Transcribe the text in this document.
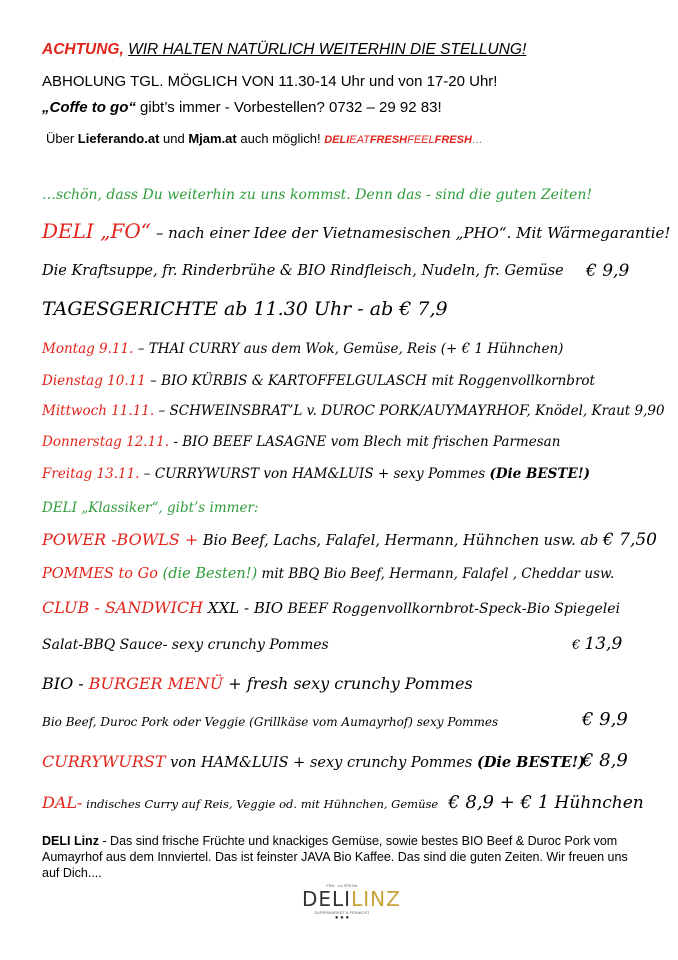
ACHTUNG, WIR HALTEN NATÜRLICH WEITERHIN DIE STELLUNG!
ABHOLUNG TGL. MÖGLICH VON 11.30-14 Uhr und von 17-20 Uhr!
„Coffe to go“ gibt’s immer - Vorbestellen? 0732 – 29 92 83!
Über Lieferando.at und Mjam.at auch möglich! DELIEATFRESHFEELFRESH…
…schön, dass Du weiterhin zu uns kommst. Denn das - sind die guten Zeiten!
DELI „FO“ – nach einer Idee der Vietnamesischen „PHO“. Mit Wärmegarantie!
Die Kraftsuppe, fr. Rinderbrühe & BIO Rindfleisch, Nudeln, fr. Gemüse € 9,9
TAGESGERICHTE ab 11.30 Uhr - ab € 7,9
Montag 9.11. – THAI CURRY aus dem Wok, Gemüse, Reis (+ € 1 Hühnchen)
Dienstag 10.11 – BIO KÜRBIS & KARTOFFELGULASCH mit Roggenvollkornbrot
Mittwoch 11.11. – SCHWEINSBRAT’L v. DUROC PORK/AUYMAYRHOF, Knödel, Kraut 9,90
Donnerstag 12.11. - BIO BEEF LASAGNE vom Blech mit frischen Parmesan
Freitag 13.11. – CURRYWURST von HAM&LUIS + sexy Pommes (Die BESTE!)
DELI „Klassiker“, gibt’s immer:
POWER -BOWLS + Bio Beef, Lachs, Falafel, Hermann, Hühnchen usw. ab € 7,50
POMMES to Go (die Besten!) mit BBQ Bio Beef, Hermann, Falafel , Cheddar usw.
CLUB - SANDWICH XXL - BIO BEEF Roggenvollkornbrot-Speck-Bio Spiegelei
Salat-BBQ Sauce- sexy crunchy Pommes	€ 13,9
BIO - BURGER MENÜ + fresh sexy crunchy Pommes
Bio Beef, Duroc Pork oder Veggie (Grillkäse vom Aumayrhof) sexy Pommes	€ 9,9
CURRYWURST von HAM&LUIS + sexy crunchy Pommes (Die BESTE!)
€ 8,9
DAL- indisches Curry auf Reis, Veggie od. mit Hühnchen, Gemüse € 8,9 + € 1 Hühnchen
DELI Linz - Das sind frische Früchte und knackiges Gemüse, sowie bestes BIO Beef & Duroc Pork vom Aumayrhof aus dem Innviertel. Das ist feinster JAVA Bio Kaffee. Das sind die guten Zeiten. Wir freuen uns auf Dich....
FRA · LA SPEZIA
DELILINZ
SUPERMARKET & FEINKOST
● ● ●
